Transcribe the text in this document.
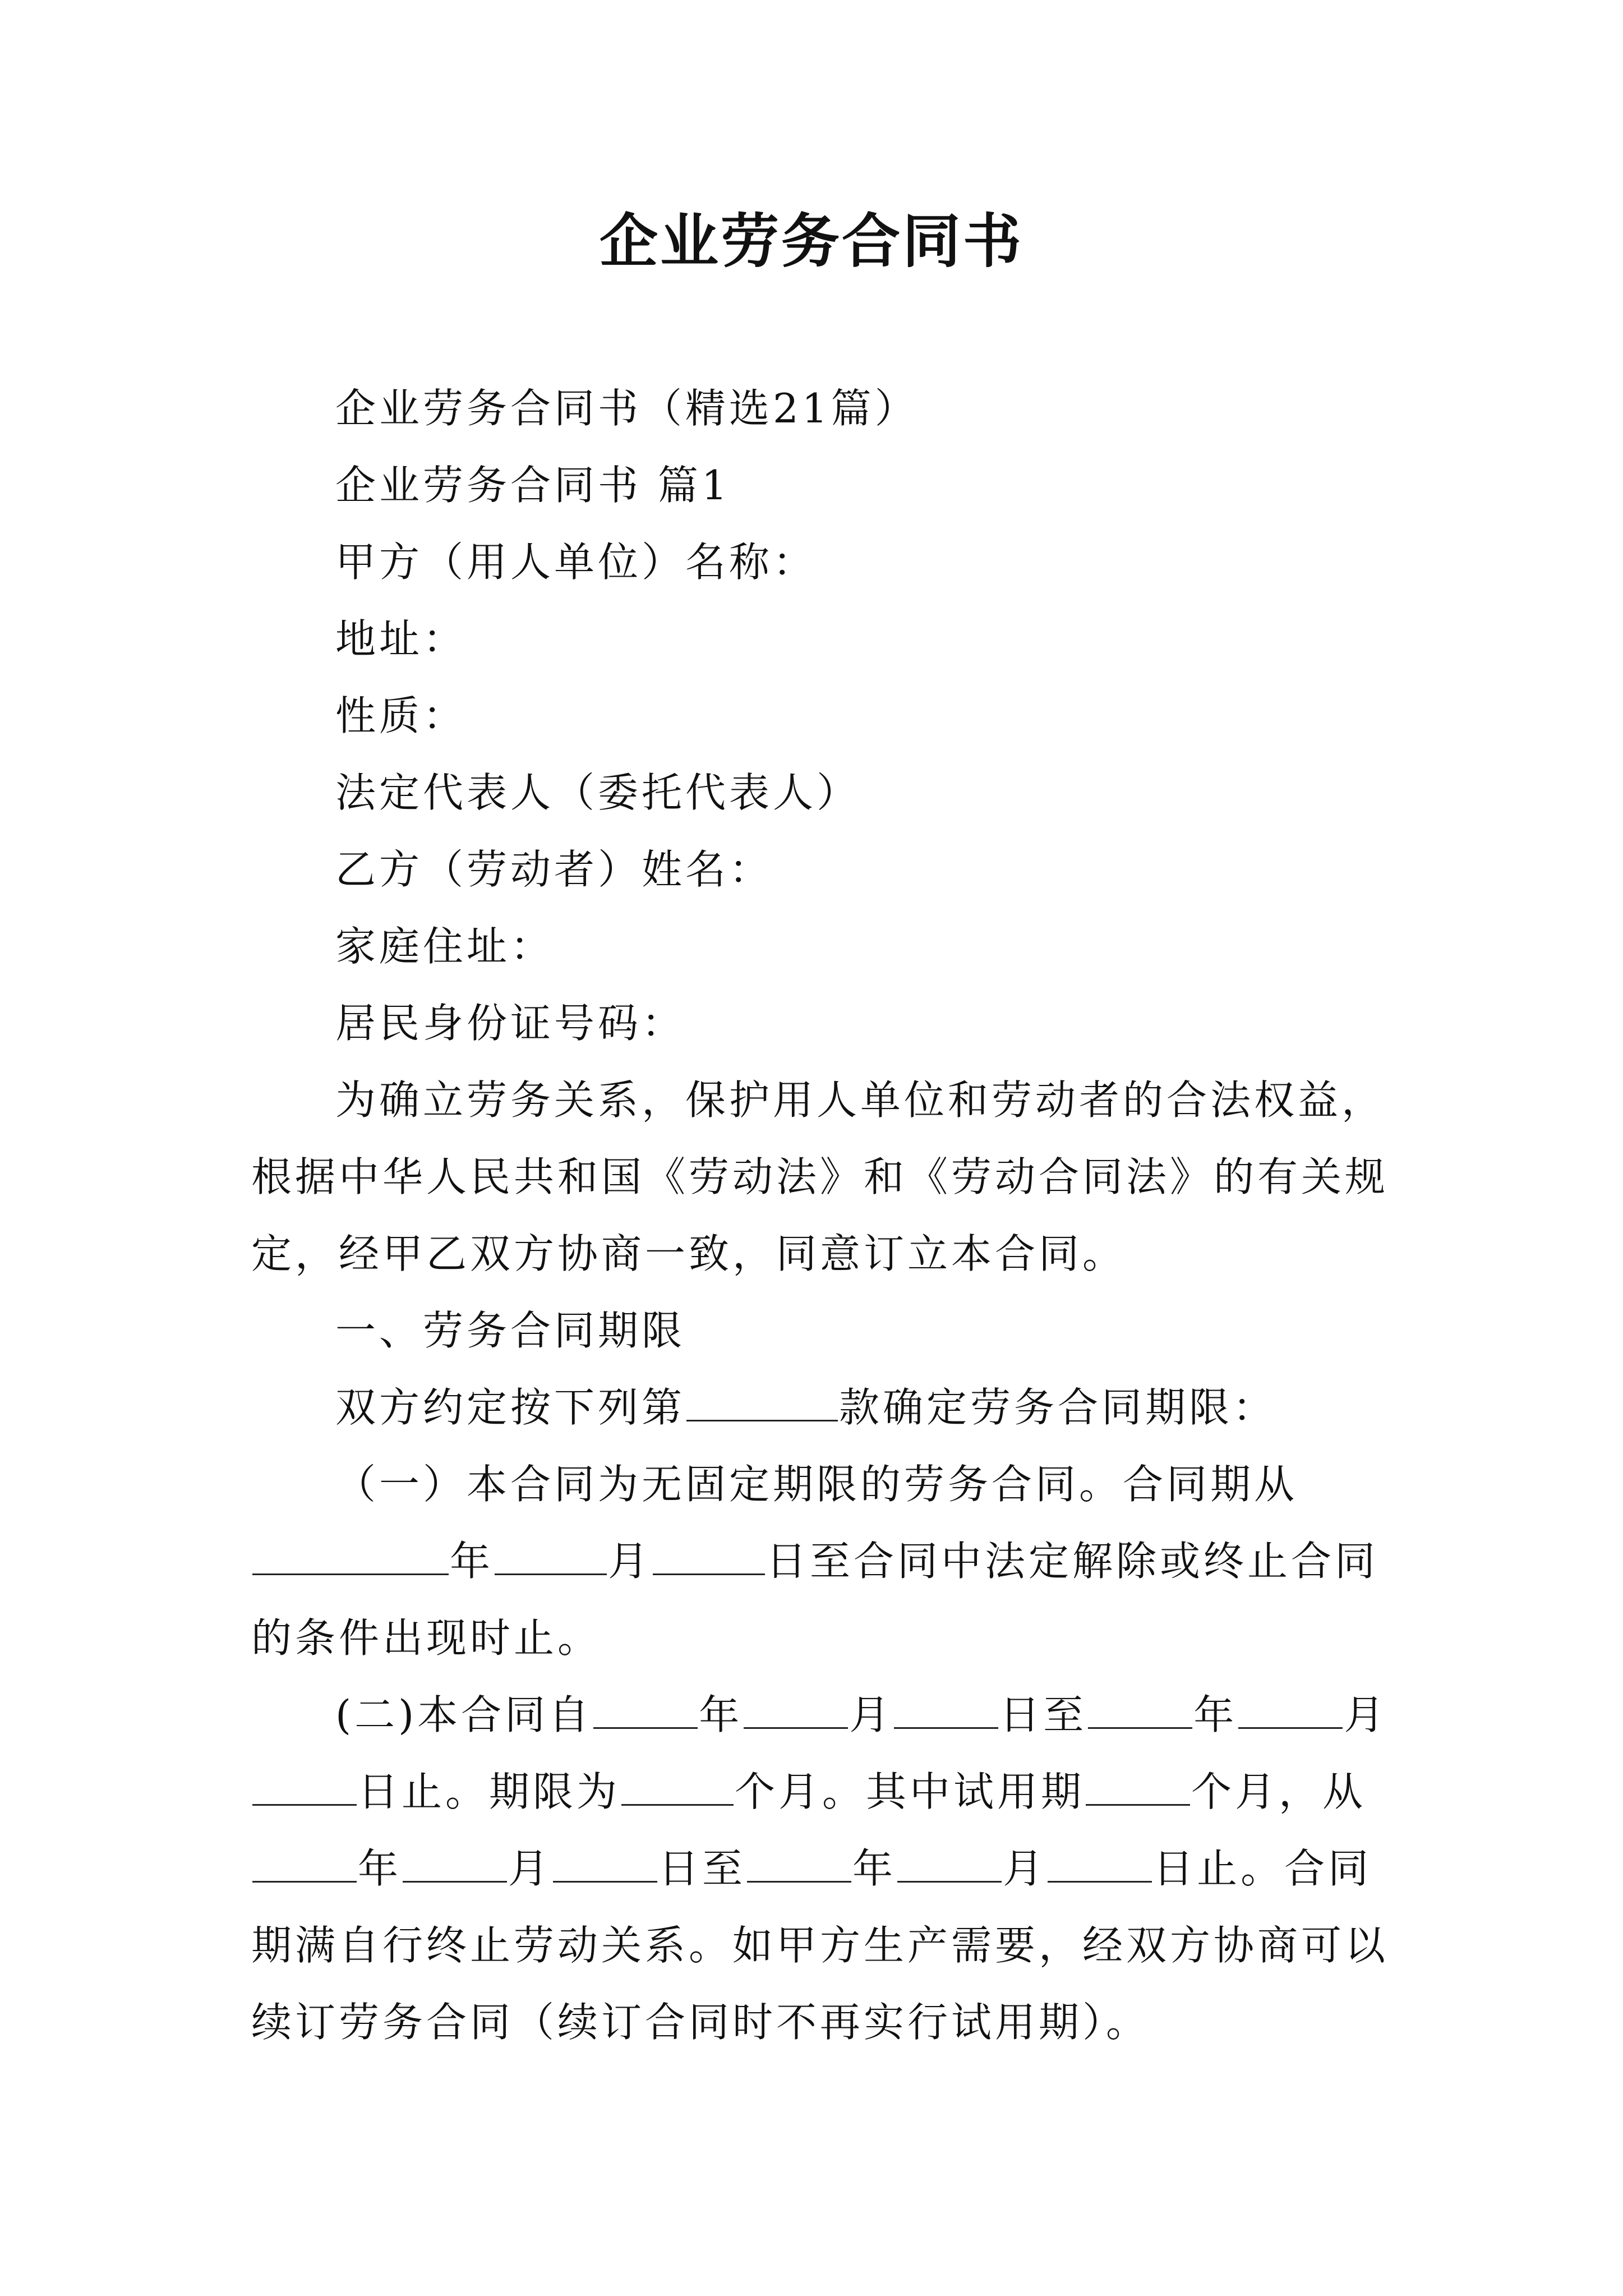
企业劳务合同书

企业劳务合同书（精选21篇）

企业劳务合同书 篇1

甲方（用人单位）名称：

地址：

性质：

法定代表人（委托代表人）

乙方（劳动者）姓名：

家庭住址：

居民身份证号码：

为确立劳务关系，保护用人单位和劳动者的合法权益，根据中华人民共和国《劳动法》和《劳动合同法》的有关规定，经甲乙双方协商一致，同意订立本合同。

一、劳务合同期限

双方约定按下列第	款确定劳务合同期限：

（一）本合同为无固定期限的劳务合同。合同期从年	月	日至合同中法定解除或终止合同的条件出现时止。

(二)本合同自	年	月	日至	年	月日止。期限为	个月。其中试用期	个月，从年	月	日至	年	月	日止。合同期满自行终止劳动关系。如甲方生产需要，经双方协商可以续订劳务合同（续订合同时不再实行试用期）。
